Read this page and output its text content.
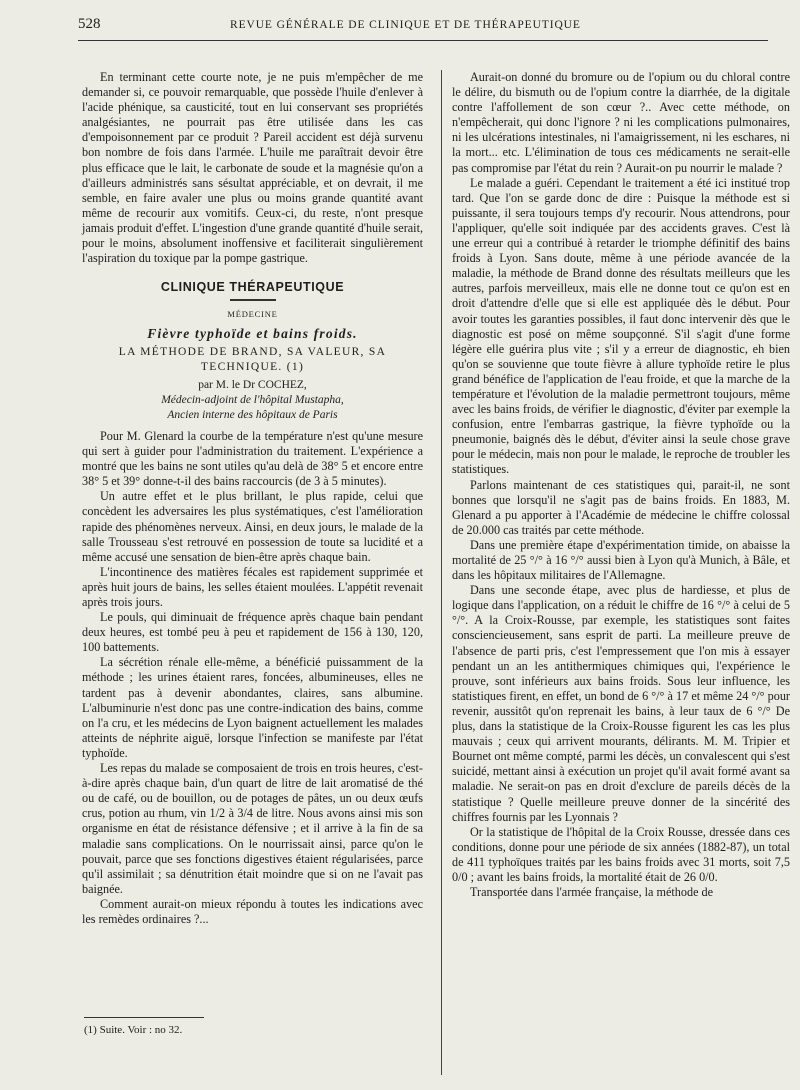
528	REVUE GÉNÉRALE DE CLINIQUE ET DE THÉRAPEUTIQUE

En terminant cette courte note, je ne puis m'empêcher de me demander si, ce pouvoir remarquable, que possède l'huile d'enlever à l'acide phénique, sa causticité, tout en lui conservant ses propriétés analgésiantes, ne pourrait pas être utilisée dans les cas d'empoisonnement par ce produit ? Pareil accident est déjà survenu bon nombre de fois dans l'armée. L'huile me paraîtrait devoir être plus efficace que le lait, le carbonate de soude et la magnésie qu'on a d'ailleurs administrés sans sésultat appréciable, et on devrait, il me semble, en faire avaler une plus ou moins grande quantité avant même de recourir aux vomitifs. Ceux-ci, du reste, n'ont presque jamais produit d'effet. L'ingestion d'une grande quantité d'huile serait, pour le moins, absolument inoffensive et faciliterait singulièrement l'aspiration du toxique par la pompe gastrique.

CLINIQUE THÉRAPEUTIQUE
MÉDECINE
Fièvre typhoïde et bains froids.
LA MÉTHODE DE BRAND, SA VALEUR, SA TECHNIQUE. (1)
par M. le Dr COCHEZ,
Médecin-adjoint de l'hôpital Mustapha,
Ancien interne des hôpitaux de Paris

Pour M. Glenard la courbe de la température n'est qu'une mesure qui sert à guider pour l'administration du traitement. L'expérience a montré que les bains ne sont utiles qu'au delà de 38° 5 et encore entre 38° 5 et 39° donne-t-il des bains raccourcis (de 3 à 5 minutes).

Un autre effet et le plus brillant, le plus rapide, celui que concèdent les adversaires les plus systématiques, c'est l'amélioration rapide des phénomènes nerveux. Ainsi, en deux jours, le malade de la salle Trousseau s'est retrouvé en possession de toute sa lucidité et a même accusé une sensation de bien-être après chaque bain.

L'incontinence des matières fécales est rapidement supprimée et après huit jours de bains, les selles étaient moulées. L'appétit revenait après trois jours.

Le pouls, qui diminuait de fréquence après chaque bain pendant deux heures, est tombé peu à peu et rapidement de 156 à 130, 120, 100 battements.

La sécrétion rénale elle-même, a bénéficié puissamment de la méthode ; les urines étaient rares, foncées, albumineuses, elles ne tardent pas à devenir abondantes, claires, sans albumine. L'albuminurie n'est donc pas une contre-indication des bains, comme on l'a cru, et les médecins de Lyon baignent actuellement les malades atteints de néphrite aiguë, lorsque l'infection se manifeste par l'état typhoïde.

Les repas du malade se composaient de trois en trois heures, c'est-à-dire après chaque bain, d'un quart de litre de lait aromatisé de thé ou de café, ou de bouillon, ou de potages de pâtes, un ou deux œufs crus, potion au rhum, vin 1/2 à 3/4 de litre. Nous avons ainsi mis son organisme en état de résistance défensive ; et il arrive à la fin de sa maladie sans complications. On le nourrissait ainsi, parce qu'on le pouvait, parce que ses fonctions digestives étaient régularisées, parce qu'il assimilait ; sa dénutrition était moindre que si on ne l'avait pas baignée.

Comment aurait-on mieux répondu à toutes les indications avec les remèdes ordinaires ?...

Aurait-on donné du bromure ou de l'opium ou du chloral contre le délire, du bismuth ou de l'opium contre la diarrhée, de la digitale contre l'affollement de son cœur ?.. Avec cette méthode, on n'empêcherait, qui donc l'ignore ? ni les complications pulmonaires, ni les ulcérations intestinales, ni l'amaigrissement, ni les eschares, ni la mort... etc. L'élimination de tous ces médicaments ne serait-elle pas compromise par l'état du rein ? Aurait-on pu nourrir le malade ?

Le malade a guéri. Cependant le traitement a été ici institué trop tard. Que l'on se garde donc de dire : Puisque la méthode est si puissante, il sera toujours temps d'y recourir. Nous attendrons, pour l'appliquer, qu'elle soit indiquée par des accidents graves. C'est là une erreur qui a contribué à retarder le triomphe définitif des bains froids à Lyon. Sans doute, même à une période avancée de la maladie, la méthode de Brand donne des résultats meilleurs que les autres, parfois merveilleux, mais elle ne donne tout ce qu'on est en droit d'attendre d'elle que si elle est appliquée dès le début. Pour avoir toutes les garanties possibles, il faut donc intervenir dès que le diagnostic est posé on même soupçonné. S'il s'agit d'une forme légère elle guérira plus vite ; s'il y a erreur de diagnostic, eh bien qu'on se souvienne que toute fièvre à allure typhoïde retire le plus grand bénéfice de l'application de l'eau froide, et que la marche de la température et l'évolution de la maladie permettront toujours, même avec les bains froids, de vérifier le diagnostic, d'éviter par exemple la confusion, entre l'embarras gastrique, la fièvre typhoïde ou la pneumonie, baignés dès le début, d'éviter ainsi la seule chose grave pour le médecin, mais non pour le malade, le reproche de troubler les statistiques.

Parlons maintenant de ces statistiques qui, parait-il, ne sont bonnes que lorsqu'il ne s'agit pas de bains froids. En 1883, M. Glenard a pu apporter à l'Académie de médecine le chiffre colossal de 20.000 cas traités par cette méthode.

Dans une première étape d'expérimentation timide, on abaisse la mortalité de 25 °/° à 16 °/° aussi bien à Lyon qu'à Munich, à Bâle, et dans les hôpitaux militaires de l'Allemagne.

Dans une seconde étape, avec plus de hardiesse, et plus de logique dans l'application, on a réduit le chiffre de 16 °/° à celui de 5 °/°. A la Croix-Rousse, par exemple, les statistiques sont faites consciencieusement, sans esprit de parti. La meilleure preuve de l'absence de parti pris, c'est l'empressement que l'on mis à essayer pendant un an les antithermiques chimiques qui, l'expérience le prouve, sont inférieurs aux bains froids. Sous leur influence, les statistiques firent, en effet, un bond de 6 °/° à 17 et même 24 °/° pour revenir, aussitôt qu'on reprenait les bains, à leur taux de 6 °/° De plus, dans la statistique de la Croix-Rousse figurent les cas les plus mauvais ; ceux qui arrivent mourants, délirants. M. M. Tripier et Bournet ont même compté, parmi les décès, un convalescent qui s'est suicidé, mettant ainsi à exécution un projet qu'il avait formé avant sa maladie. Ne serait-on pas en droit d'exclure de pareils décès de la statistique ? Quelle meilleure preuve donner de la sincérité des chiffres fournis par les Lyonnais ?

Or la statistique de l'hôpital de la Croix Rousse, dressée dans ces conditions, donne pour une période de six années (1882-87), un total de 411 typhoïques traités par les bains froids avec 31 morts, soit 7,5 0/0 ; avant les bains froids, la mortalité était de 26 0/0.

Transportée dans l'armée française, la méthode de

(1) Suite. Voir : no 32.
